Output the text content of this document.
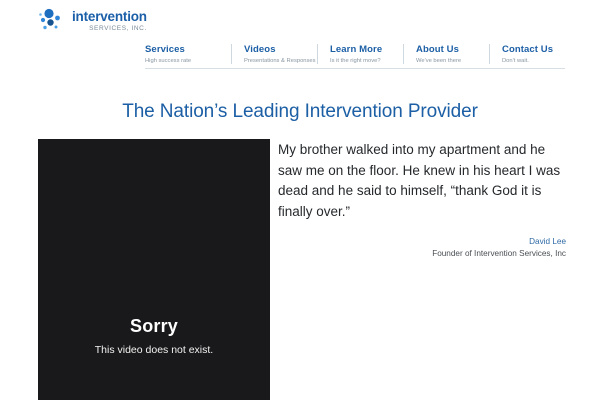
intervention
SERVICES, INC.
Services
High success rate
Videos
Presentations & Responses
Learn More
Is it the right move?
About Us
We've been there
Contact Us
Don't wait.
The Nation’s Leading Intervention Provider
Sorry
This video does not exist.
My brother walked into my apartment and he saw me on the floor. He knew in his heart I was dead and he said to himself, “thank God it is finally over.”
David Lee
Founder of Intervention Services, Inc
